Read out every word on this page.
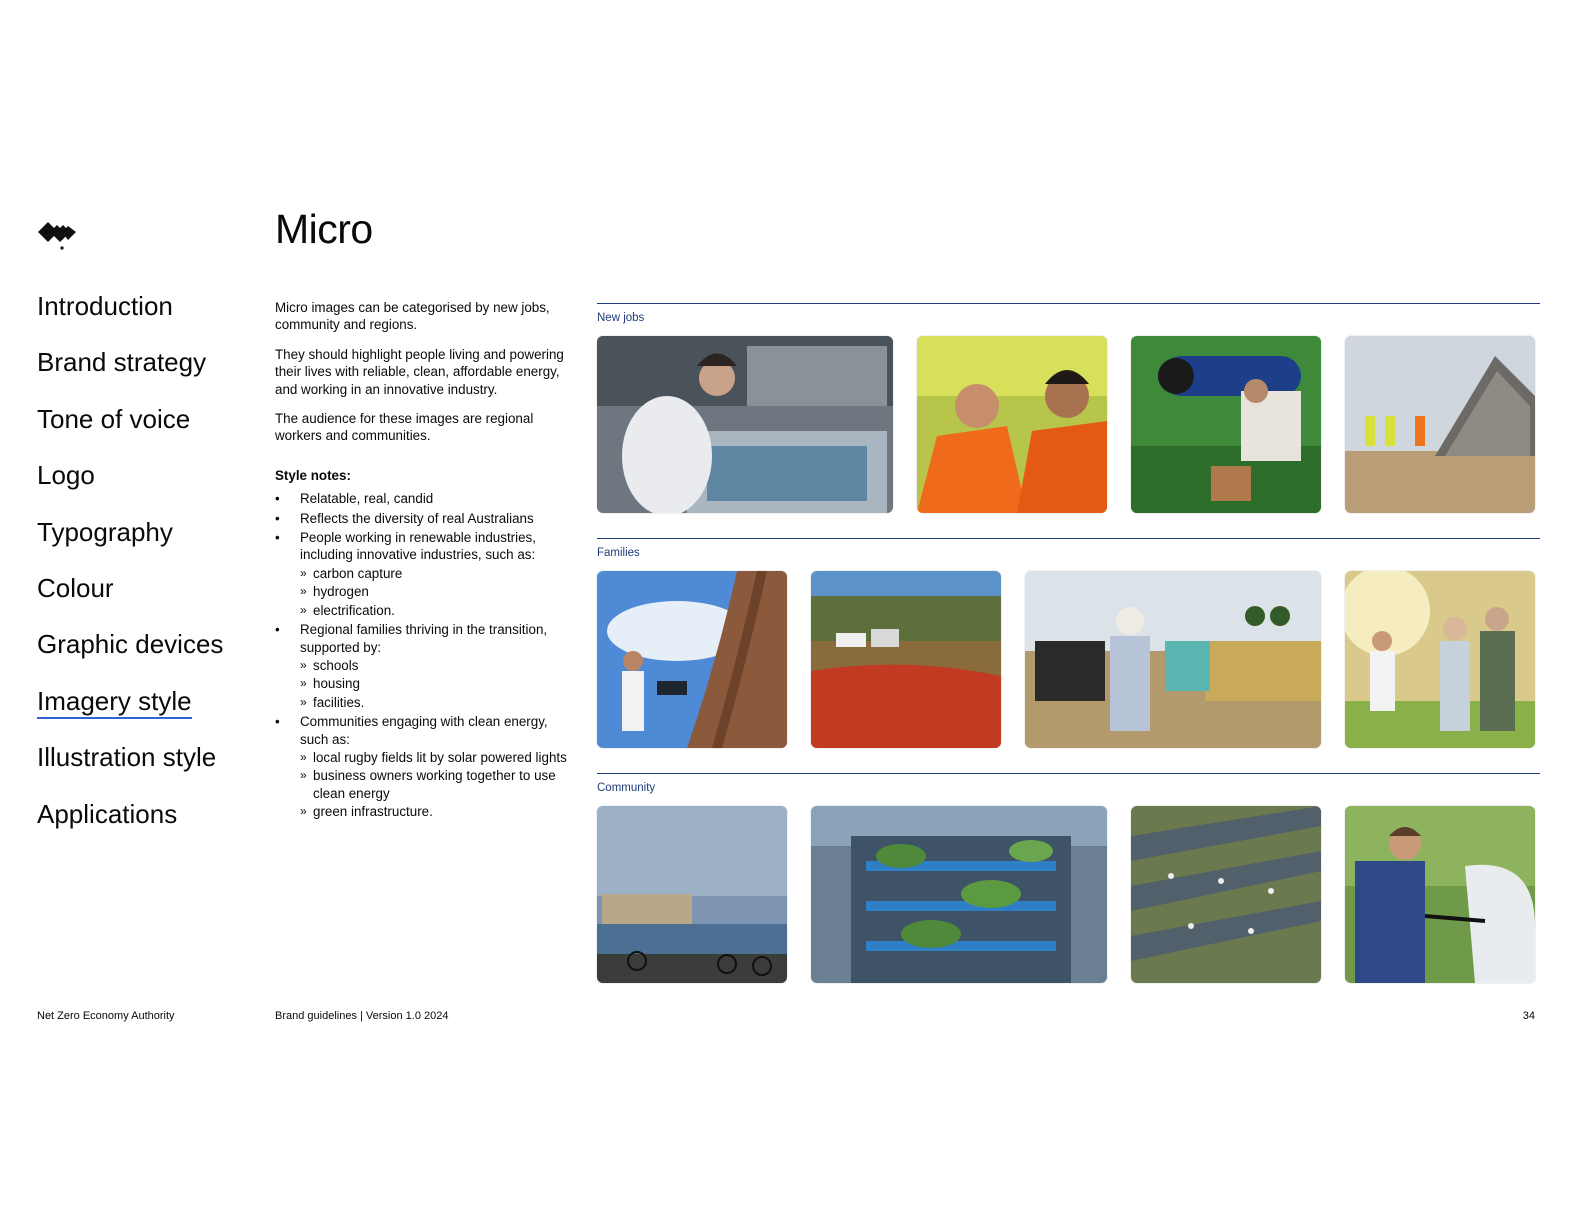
Micro
Introduction
Brand strategy
Tone of voice
Logo
Typography
Colour
Graphic devices
Imagery style
Illustration style
Applications

Micro images can be categorised by new jobs, community and regions.

They should highlight people living and powering their lives with reliable, clean, affordable energy, and working in an innovative industry.

The audience for these images are regional workers and communities.

Style notes:

• Relatable, real, candid
• Reflects the diversity of real Australians
• People working in renewable industries, including innovative industries, such as:
» carbon capture
» hydrogen
» electrification.
• Regional families thriving in the transition, supported by:
» schools
» housing
» facilities.
• Communities engaging with clean energy, such as:
» local rugby fields lit by solar powered lights
» business owners working together to use clean energy
» green infrastructure.
New jobs
Families
Community
Net Zero Economy Authority	Brand guidelines | Version 1.0 2024	34
